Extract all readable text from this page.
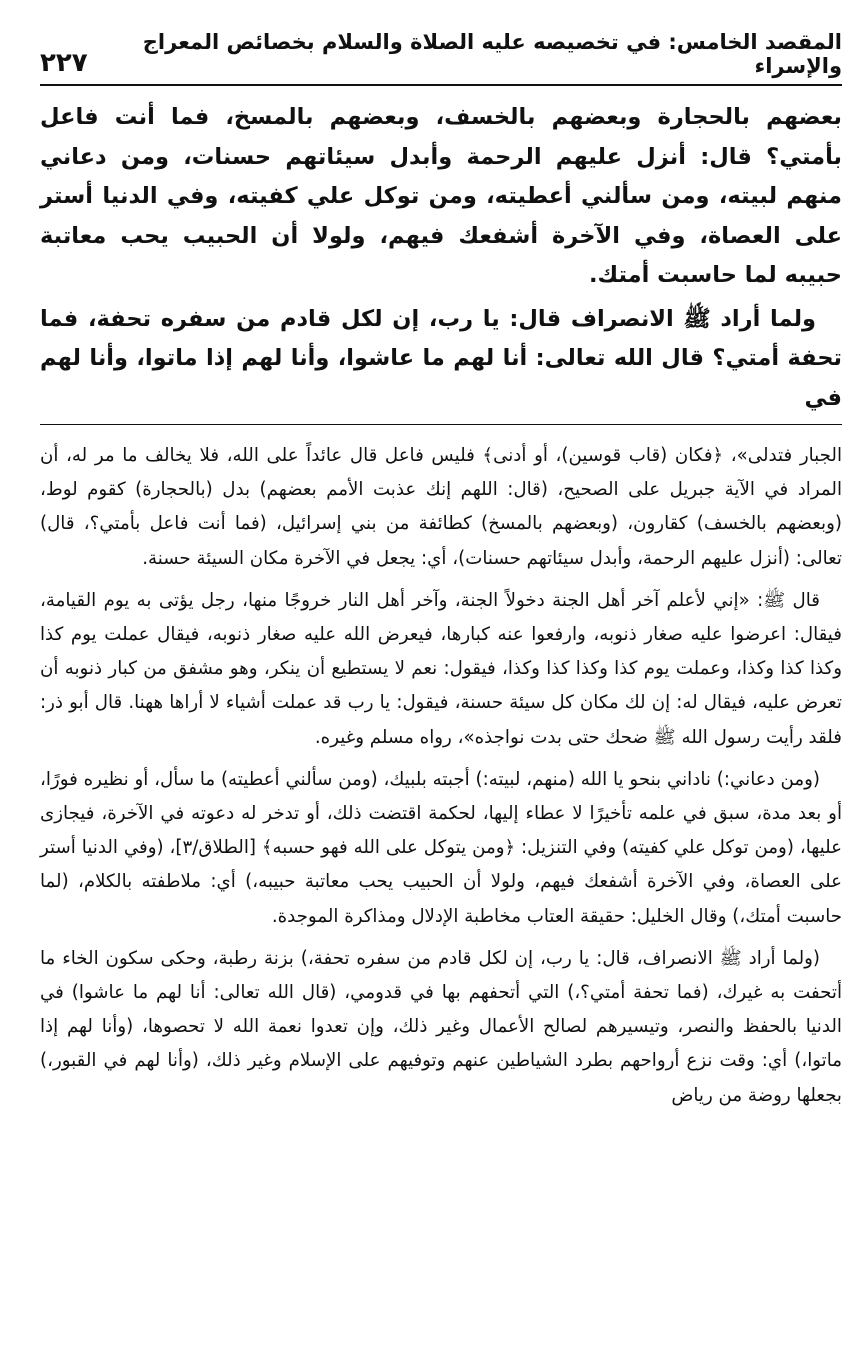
المقصد الخامس: في تخصيصه عليه الصلاة والسلام بخصائص المعراج والإسراء
٢٢٧

بعضهم بالحجارة وبعضهم بالخسف، وبعضهم بالمسخ، فما أنت فاعل بأمتي؟ قال: أنزل عليهم الرحمة وأبدل سيئاتهم حسنات، ومن دعاني منهم لبيته، ومن سألني أعطيته، ومن توكل علي كفيته، وفي الدنيا أستر على العصاة، وفي الآخرة أشفعك فيهم، ولولا أن الحبيب يحب معاتبة حبيبه لما حاسبت أمتك.

ولما أراد ﷺ الانصراف قال: يا رب، إن لكل قادم من سفره تحفة، فما تحفة أمتي؟ قال الله تعالى: أنا لهم ما عاشوا، وأنا لهم إذا ماتوا، وأنا لهم في

الجبار فتدلى»، ﴿فكان (قاب قوسين)، أو أدنى﴾ فليس فاعل قال عائداً على الله، فلا يخالف ما مر له، أن المراد في الآية جبريل على الصحيح، (قال: اللهم إنك عذبت الأمم بعضهم) بدل (بالحجارة) كقوم لوط، (وبعضهم بالخسف) كقارون، (وبعضهم بالمسخ) كطائفة من بني إسرائيل، (فما أنت فاعل بأمتي؟، قال) تعالى: (أنزل عليهم الرحمة، وأبدل سيئاتهم حسنات)، أي: يجعل في الآخرة مكان السيئة حسنة.

قال ﷺ: «إني لأعلم آخر أهل الجنة دخولاً الجنة، وآخر أهل النار خروجًا منها، رجل يؤتى به يوم القيامة، فيقال: اعرضوا عليه صغار ذنوبه، وارفعوا عنه كبارها، فيعرض الله عليه صغار ذنوبه، فيقال عملت يوم كذا وكذا كذا وكذا، وعملت يوم كذا وكذا كذا وكذا، فيقول: نعم لا يستطيع أن ينكر، وهو مشفق من كبار ذنوبه أن تعرض عليه، فيقال له: إن لك مكان كل سيئة حسنة، فيقول: يا رب قد عملت أشياء لا أراها ههنا. قال أبو ذر: فلقد رأيت رسول الله ﷺ ضحك حتى بدت نواجذه»، رواه مسلم وغيره.

(ومن دعاني:) ناداني بنحو يا الله (منهم، لبيته:) أجبته بلبيك، (ومن سألني أعطيته) ما سأل، أو نظيره فورًا، أو بعد مدة، سبق في علمه تأخيرًا لا عطاء إليها، لحكمة اقتضت ذلك، أو تدخر له دعوته في الآخرة، فيجازى عليها، (ومن توكل علي كفيته) وفي التنزيل: ﴿ومن يتوكل على الله فهو حسبه﴾ [الطلاق/٣]، (وفي الدنيا أستر على العصاة، وفي الآخرة أشفعك فيهم، ولولا أن الحبيب يحب معاتبة حبيبه،) أي: ملاطفته بالكلام، (لما حاسبت أمتك،) وقال الخليل: حقيقة العتاب مخاطبة الإدلال ومذاكرة الموجدة.

(ولما أراد ﷺ الانصراف، قال: يا رب، إن لكل قادم من سفره تحفة،) بزنة رطبة، وحكى سكون الخاء ما أتحفت به غيرك، (فما تحفة أمتي؟،) التي أتحفهم بها في قدومي، (قال الله تعالى: أنا لهم ما عاشوا) في الدنيا بالحفظ والنصر، وتيسيرهم لصالح الأعمال وغير ذلك، وإن تعدوا نعمة الله لا تحصوها، (وأنا لهم إذا ماتوا،) أي: وقت نزع أرواحهم بطرد الشياطين عنهم وتوفيهم على الإسلام وغير ذلك، (وأنا لهم في القبور،) بجعلها روضة من رياض
